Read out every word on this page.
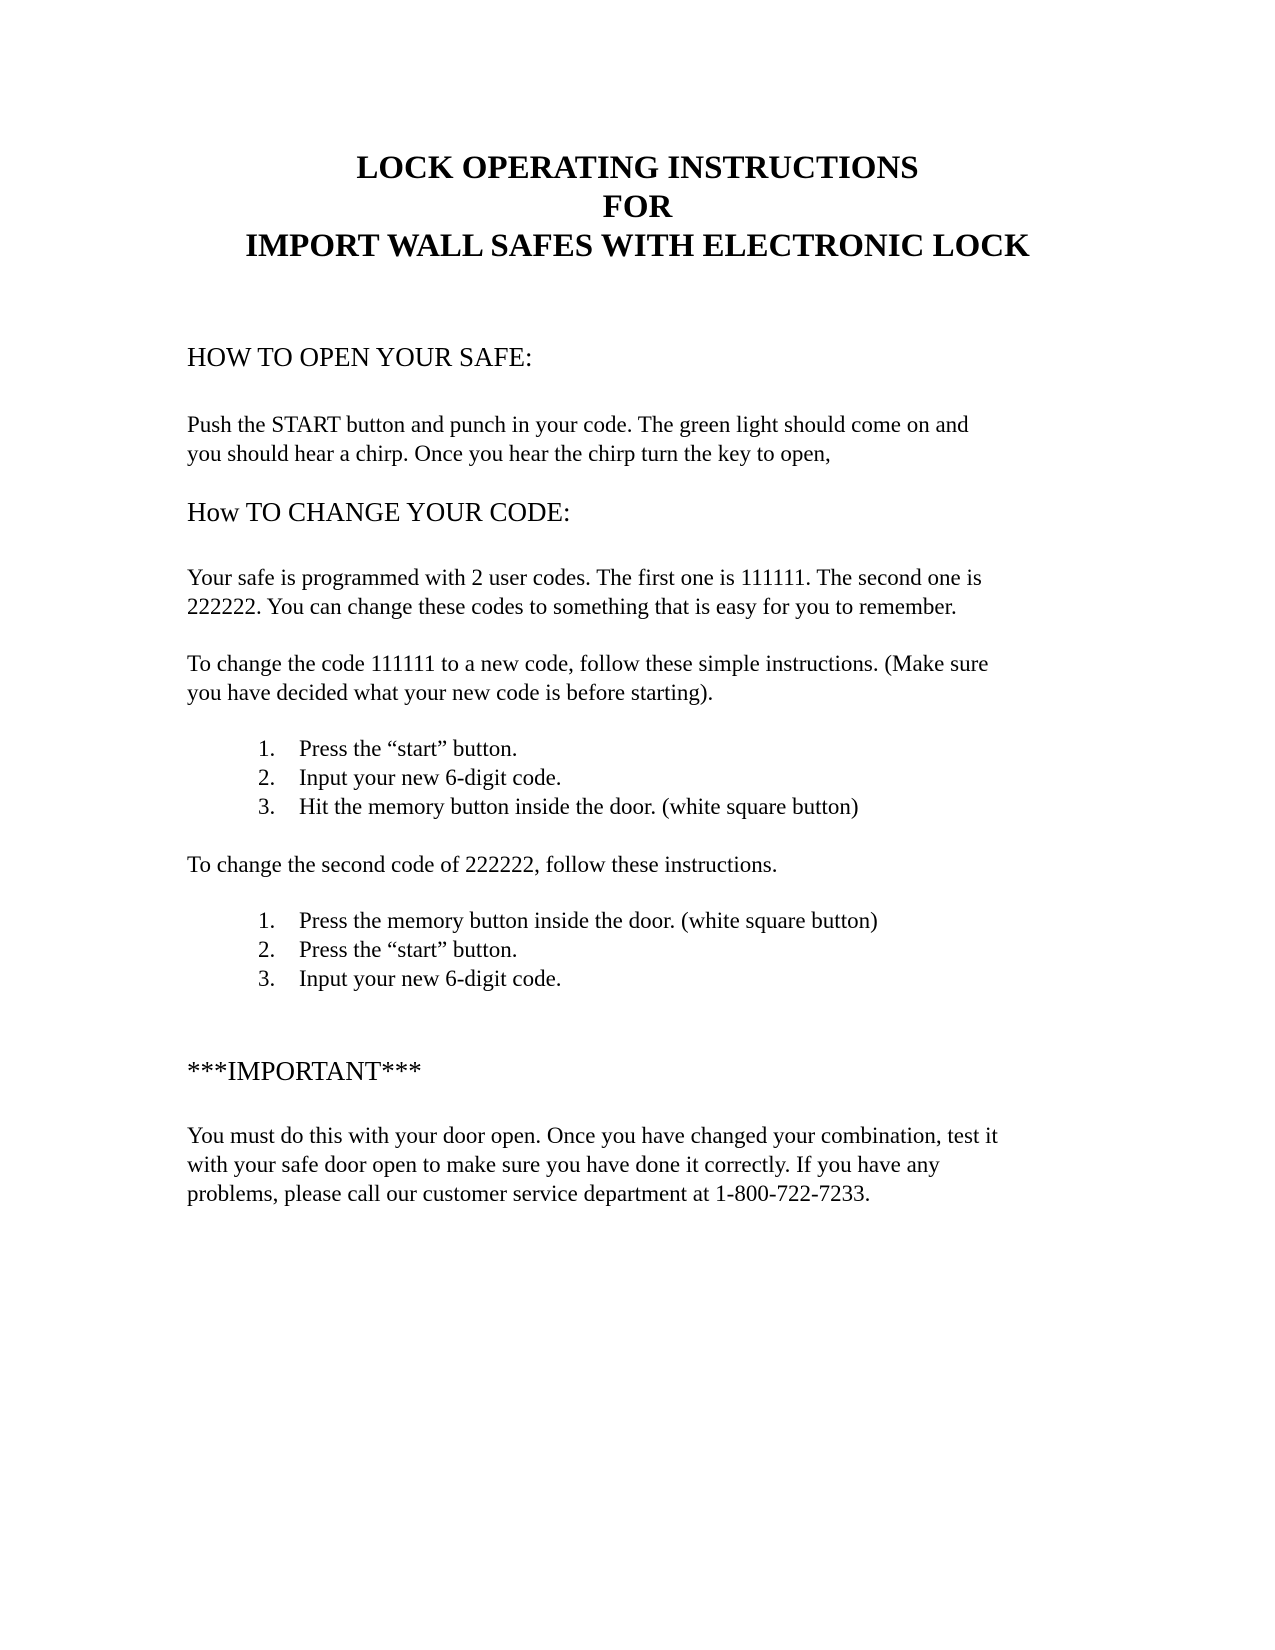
LOCK OPERATING INSTRUCTIONS
FOR
IMPORT WALL SAFES WITH ELECTRONIC LOCK
HOW TO OPEN YOUR SAFE:
Push the START button and punch in your code. The green light should come on and
you should hear a chirp. Once you hear the chirp turn the key to open,
How TO CHANGE YOUR CODE:
Your safe is programmed with 2 user codes. The first one is 111111. The second one is
222222. You can change these codes to something that is easy for you to remember.
To change the code 111111 to a new code, follow these simple instructions. (Make sure
you have decided what your new code is before starting).
1. Press the “start” button.
2. Input your new 6-digit code.
3. Hit the memory button inside the door. (white square button)
To change the second code of 222222, follow these instructions.
1. Press the memory button inside the door. (white square button)
2. Press the “start” button.
3. Input your new 6-digit code.
***IMPORTANT***
You must do this with your door open. Once you have changed your combination, test it
with your safe door open to make sure you have done it correctly. If you have any
problems, please call our customer service department at 1-800-722-7233.
